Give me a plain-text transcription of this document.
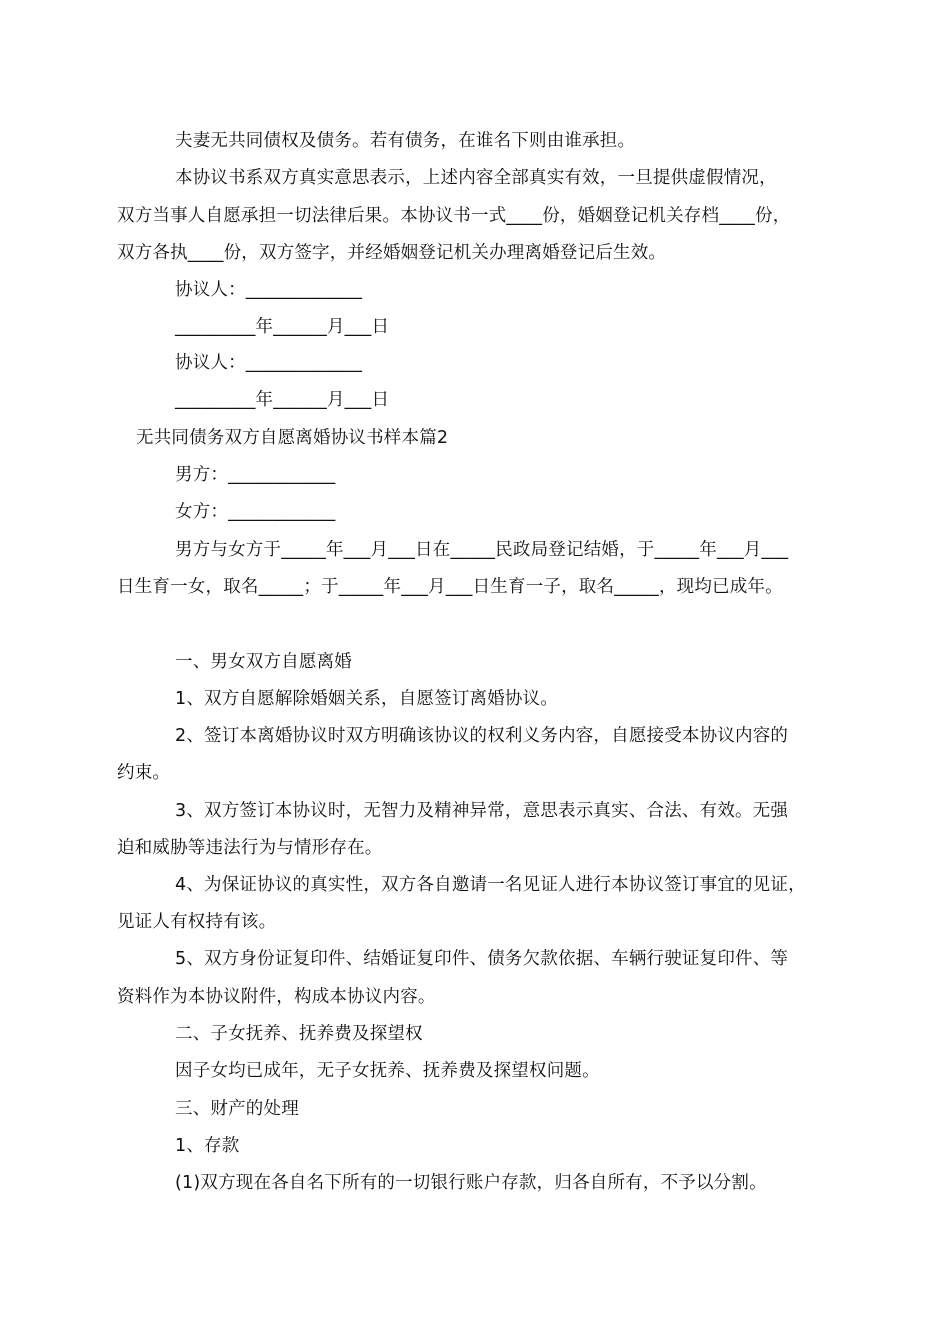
夫妻无共同债权及债务。若有债务，在谁名下则由谁承担。
本协议书系双方真实意思表示，上述内容全部真实有效，一旦提供虚假情况，
双方当事人自愿承担一切法律后果。本协议书一式____份，婚姻登记机关存档____份，
双方各执____份，双方签字，并经婚姻登记机关办理离婚登记后生效。
协议人：_____________
_________年______月___日
协议人：_____________
_________年______月___日
无共同债务双方自愿离婚协议书样本篇2
男方：____________
女方：____________
男方与女方于_____年___月___日在_____民政局登记结婚，于_____年___月___
日生育一女，取名_____；于_____年___月___日生育一子，取名_____，现均已成年。
一、男女双方自愿离婚
1、双方自愿解除婚姻关系，自愿签订离婚协议。
2、签订本离婚协议时双方明确该协议的权利义务内容，自愿接受本协议内容的
约束。
3、双方签订本协议时，无智力及精神异常，意思表示真实、合法、有效。无强
迫和威胁等违法行为与情形存在。
4、为保证协议的真实性，双方各自邀请一名见证人进行本协议签订事宜的见证，
见证人有权持有该。
5、双方身份证复印件、结婚证复印件、债务欠款依据、车辆行驶证复印件、等
资料作为本协议附件，构成本协议内容。
二、子女抚养、抚养费及探望权
因子女均已成年，无子女抚养、抚养费及探望权问题。
三、财产的处理
1、存款
(1)双方现在各自名下所有的一切银行账户存款，归各自所有，不予以分割。
